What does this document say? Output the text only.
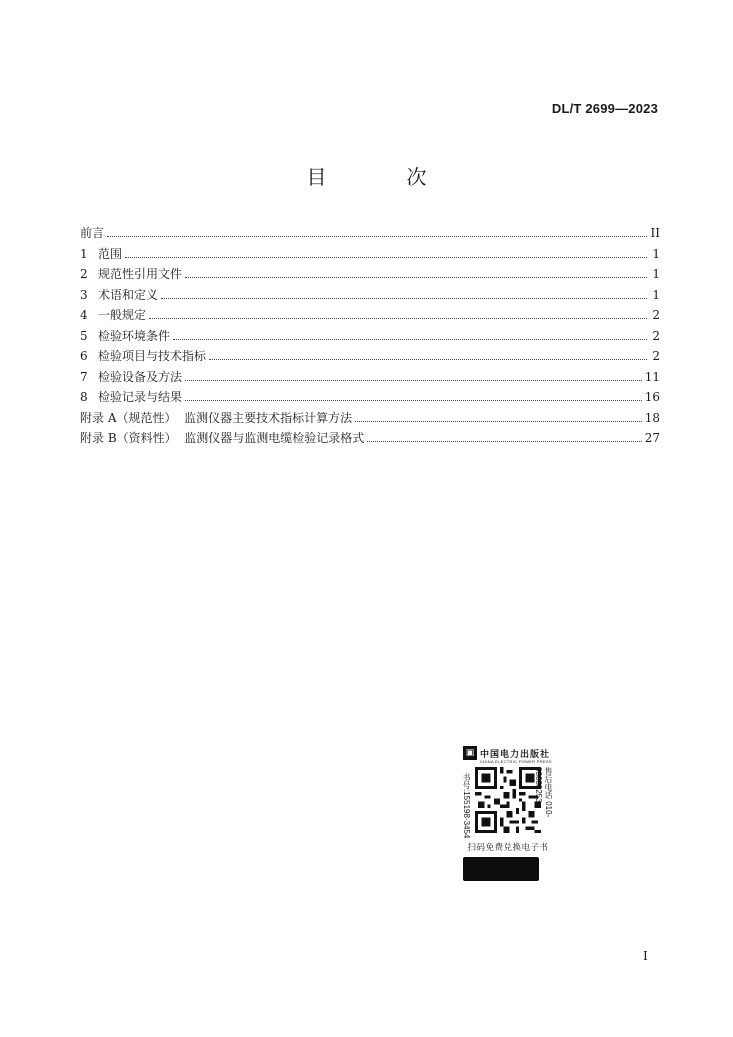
DL/T 2699—2023
目　次
前言	II
1 范围	1
2 规范性引用文件	1
3 术语和定义	1
4 一般规定	2
5 检验环境条件	2
6 检验项目与技术指标	2
7 检验设备及方法	11
8 检验记录与结果	16
附录 A（规范性）  监测仪器主要技术指标计算方法	18
附录 B（资料性）  监测仪器与监测电缆检验记录格式	27
▣ 中国电力出版社
CHINA ELECTRIC POWER PRESS
书号:155198·3454	售后电话 010-63683253
扫码免费兑换电子书
I
